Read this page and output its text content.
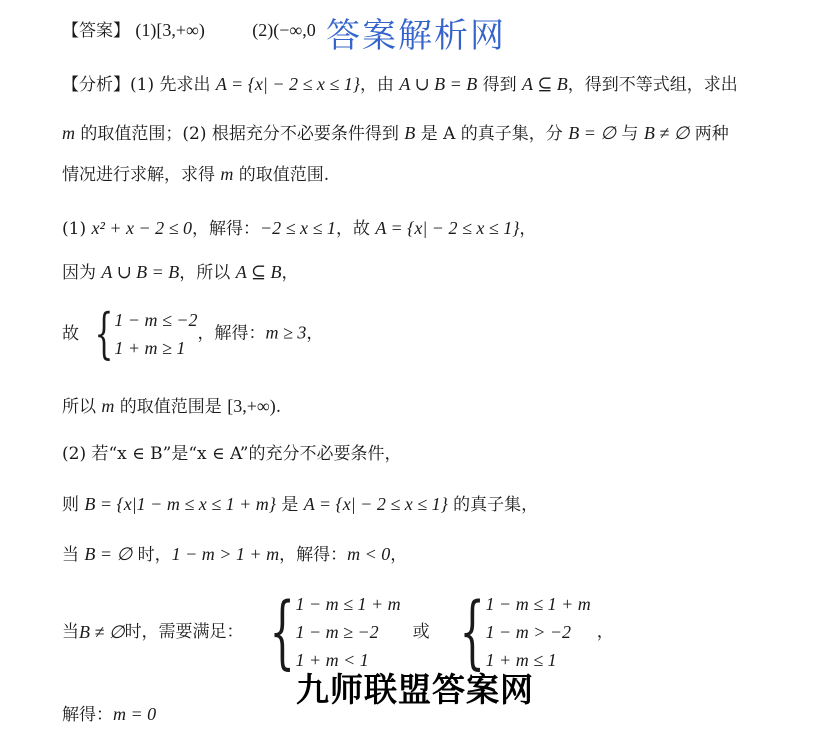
【答案】 (1)[3,+∞)	(2)(−∞,0 答案解析网
【分析】(1) 先求出 A = {x| − 2 ≤ x ≤ 1}，由 A ∪ B = B 得到 A ⊆ B，得到不等式组，求出
m 的取值范围；(2) 根据充分不必要条件得到 B 是 A 的真子集，分 B = ∅ 与 B ≠ ∅ 两种
情况进行求解，求得 m 的取值范围.
(1) x² + x − 2 ≤ 0，解得：−2 ≤ x ≤ 1，故 A = {x| − 2 ≤ x ≤ 1}，
因为 A ∪ B = B，所以 A ⊆ B，
故 { 1 − m ≤ −2
1 + m ≥ 1
，解得：m ≥ 3，
所以 m 的取值范围是 [3,+∞).
(2) 若“x ∈ B”是“x ∈ A”的充分不必要条件，
则 B = {x|1 − m ≤ x ≤ 1 + m} 是 A = {x| − 2 ≤ x ≤ 1} 的真子集，
当 B = ∅ 时，1 − m > 1 + m，解得：m < 0，
当 B ≠ ∅ 时，需要满足： { 1 − m ≤ 1 + m
1 − m ≥ −2
1 + m < 1
或 { 1 − m ≤ 1 + m
1 − m > −2
1 + m ≤ 1
，
九师联盟答案网
解得：m = 0
